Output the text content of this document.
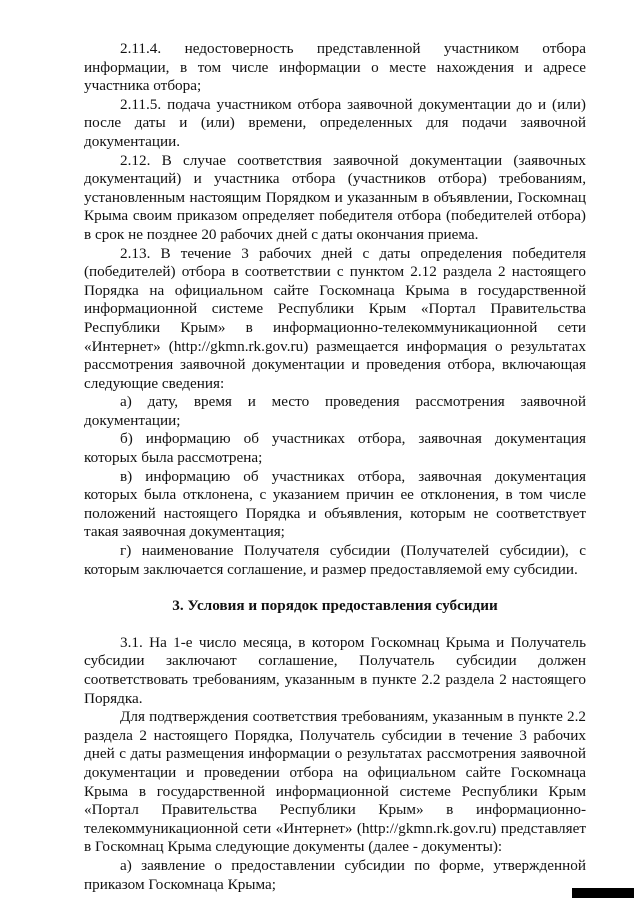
2.11.4. недостоверность представленной участником отбора информации, в том числе информации о месте нахождения и адресе участника отбора;

2.11.5. подача участником отбора заявочной документации до и (или) после даты и (или) времени, определенных для подачи заявочной документации.

2.12. В случае соответствия заявочной документации (заявочных документаций) и участника отбора (участников отбора) требованиям, установленным настоящим Порядком и указанным в объявлении, Госкомнац Крыма своим приказом определяет победителя отбора (победителей отбора) в срок не позднее 20 рабочих дней с даты окончания приема.

2.13. В течение 3 рабочих дней с даты определения победителя (победителей) отбора в соответствии с пунктом 2.12 раздела 2 настоящего Порядка на официальном сайте Госкомнаца Крыма в государственной информационной системе Республики Крым «Портал Правительства Республики Крым» в информационно-телекоммуникационной сети «Интернет» (http://gkmn.rk.gov.ru) размещается информация о результатах рассмотрения заявочной документации и проведения отбора, включающая следующие сведения:

а) дату, время и место проведения рассмотрения заявочной документации;

б) информацию об участниках отбора, заявочная документация которых была рассмотрена;

в) информацию об участниках отбора, заявочная документация которых была отклонена, с указанием причин ее отклонения, в том числе положений настоящего Порядка и объявления, которым не соответствует такая заявочная документация;

г) наименование Получателя субсидии (Получателей субсидии), с которым заключается соглашение, и размер предоставляемой ему субсидии.

3. Условия и порядок предоставления субсидии

3.1. На 1-е число месяца, в котором Госкомнац Крыма и Получатель субсидии заключают соглашение, Получатель субсидии должен соответствовать требованиям, указанным в пункте 2.2 раздела 2 настоящего Порядка.

Для подтверждения соответствия требованиям, указанным в пункте 2.2 раздела 2 настоящего Порядка, Получатель субсидии в течение 3 рабочих дней с даты размещения информации о результатах рассмотрения заявочной документации и проведении отбора на официальном сайте Госкомнаца Крыма в государственной информационной системе Республики Крым «Портал Правительства Республики Крым» в информационно-телекоммуникационной сети «Интернет» (http://gkmn.rk.gov.ru) представляет в Госкомнац Крыма следующие документы (далее - документы):

а) заявление о предоставлении субсидии по форме, утвержденной приказом Госкомнаца Крыма;
